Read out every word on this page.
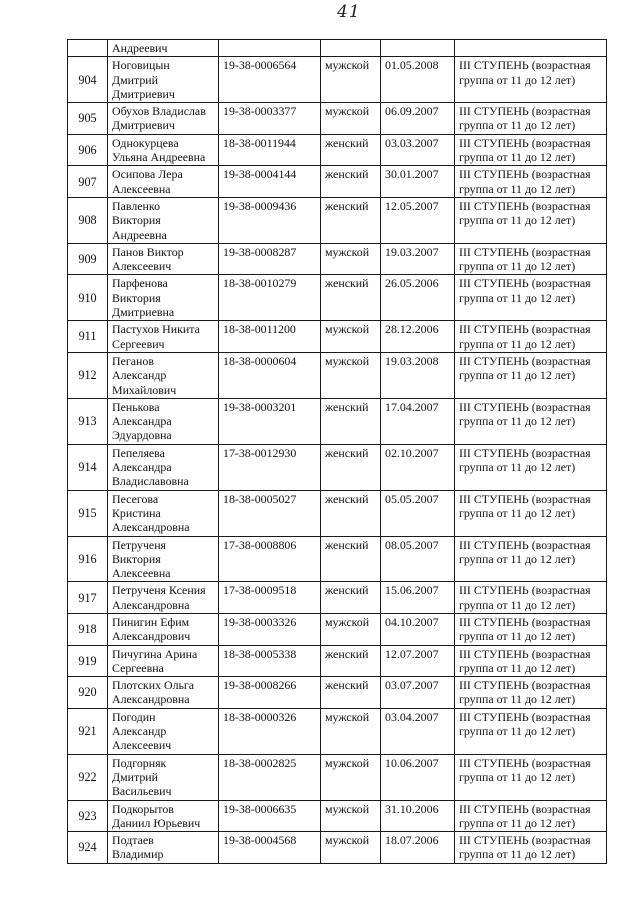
41

	Андреевич				

904	Ноговицын
Дмитрий
Дмитриевич	19-38-0006564	мужской	01.05.2008	III СТУПЕНЬ (возрастная
группа от 11 до 12 лет)

905	Обухов Владислав
Дмитриевич	19-38-0003377	мужской	06.09.2007	III СТУПЕНЬ (возрастная
группа от 11 до 12 лет)

906	Однокурцева
Ульяна Андреевна	18-38-0011944	женский	03.03.2007	III СТУПЕНЬ (возрастная
группа от 11 до 12 лет)

907	Осипова Лера
Алексеевна	19-38-0004144	женский	30.01.2007	III СТУПЕНЬ (возрастная
группа от 11 до 12 лет)

908	Павленко
Виктория
Андреевна	19-38-0009436	женский	12.05.2007	III СТУПЕНЬ (возрастная
группа от 11 до 12 лет)

909	Панов Виктор
Алексеевич	19-38-0008287	мужской	19.03.2007	III СТУПЕНЬ (возрастная
группа от 11 до 12 лет)

910	Парфенова
Виктория
Дмитриевна	18-38-0010279	женский	26.05.2006	III СТУПЕНЬ (возрастная
группа от 11 до 12 лет)

911	Пастухов Никита
Сергеевич	18-38-0011200	мужской	28.12.2006	III СТУПЕНЬ (возрастная
группа от 11 до 12 лет)

912	Пеганов
Александр
Михайлович	18-38-0000604	мужской	19.03.2008	III СТУПЕНЬ (возрастная
группа от 11 до 12 лет)

913	Пенькова
Александра
Эдуардовна	19-38-0003201	женский	17.04.2007	III СТУПЕНЬ (возрастная
группа от 11 до 12 лет)

914	Пепеляева
Александра
Владиславовна	17-38-0012930	женский	02.10.2007	III СТУПЕНЬ (возрастная
группа от 11 до 12 лет)

915	Песегова
Кристина
Александровна	18-38-0005027	женский	05.05.2007	III СТУПЕНЬ (возрастная
группа от 11 до 12 лет)

916	Петрученя
Виктория
Алексеевна	17-38-0008806	женский	08.05.2007	III СТУПЕНЬ (возрастная
группа от 11 до 12 лет)

917	Петрученя Ксения
Александровна	17-38-0009518	женский	15.06.2007	III СТУПЕНЬ (возрастная
группа от 11 до 12 лет)

918	Пинигин Ефим
Александрович	19-38-0003326	мужской	04.10.2007	III СТУПЕНЬ (возрастная
группа от 11 до 12 лет)

919	Пичугина Арина
Сергеевна	18-38-0005338	женский	12.07.2007	III СТУПЕНЬ (возрастная
группа от 11 до 12 лет)

920	Плотских Ольга
Александровна	19-38-0008266	женский	03.07.2007	III СТУПЕНЬ (возрастная
группа от 11 до 12 лет)

921	Погодин
Александр
Алексеевич	18-38-0000326	мужской	03.04.2007	III СТУПЕНЬ (возрастная
группа от 11 до 12 лет)

922	Подгорняк
Дмитрий
Васильевич	18-38-0002825	мужской	10.06.2007	III СТУПЕНЬ (возрастная
группа от 11 до 12 лет)

923	Подкорытов
Даниил Юрьевич	19-38-0006635	мужской	31.10.2006	III СТУПЕНЬ (возрастная
группа от 11 до 12 лет)

924	Подтаев
Владимир	19-38-0004568	мужской	18.07.2006	III СТУПЕНЬ (возрастная
группа от 11 до 12 лет)
